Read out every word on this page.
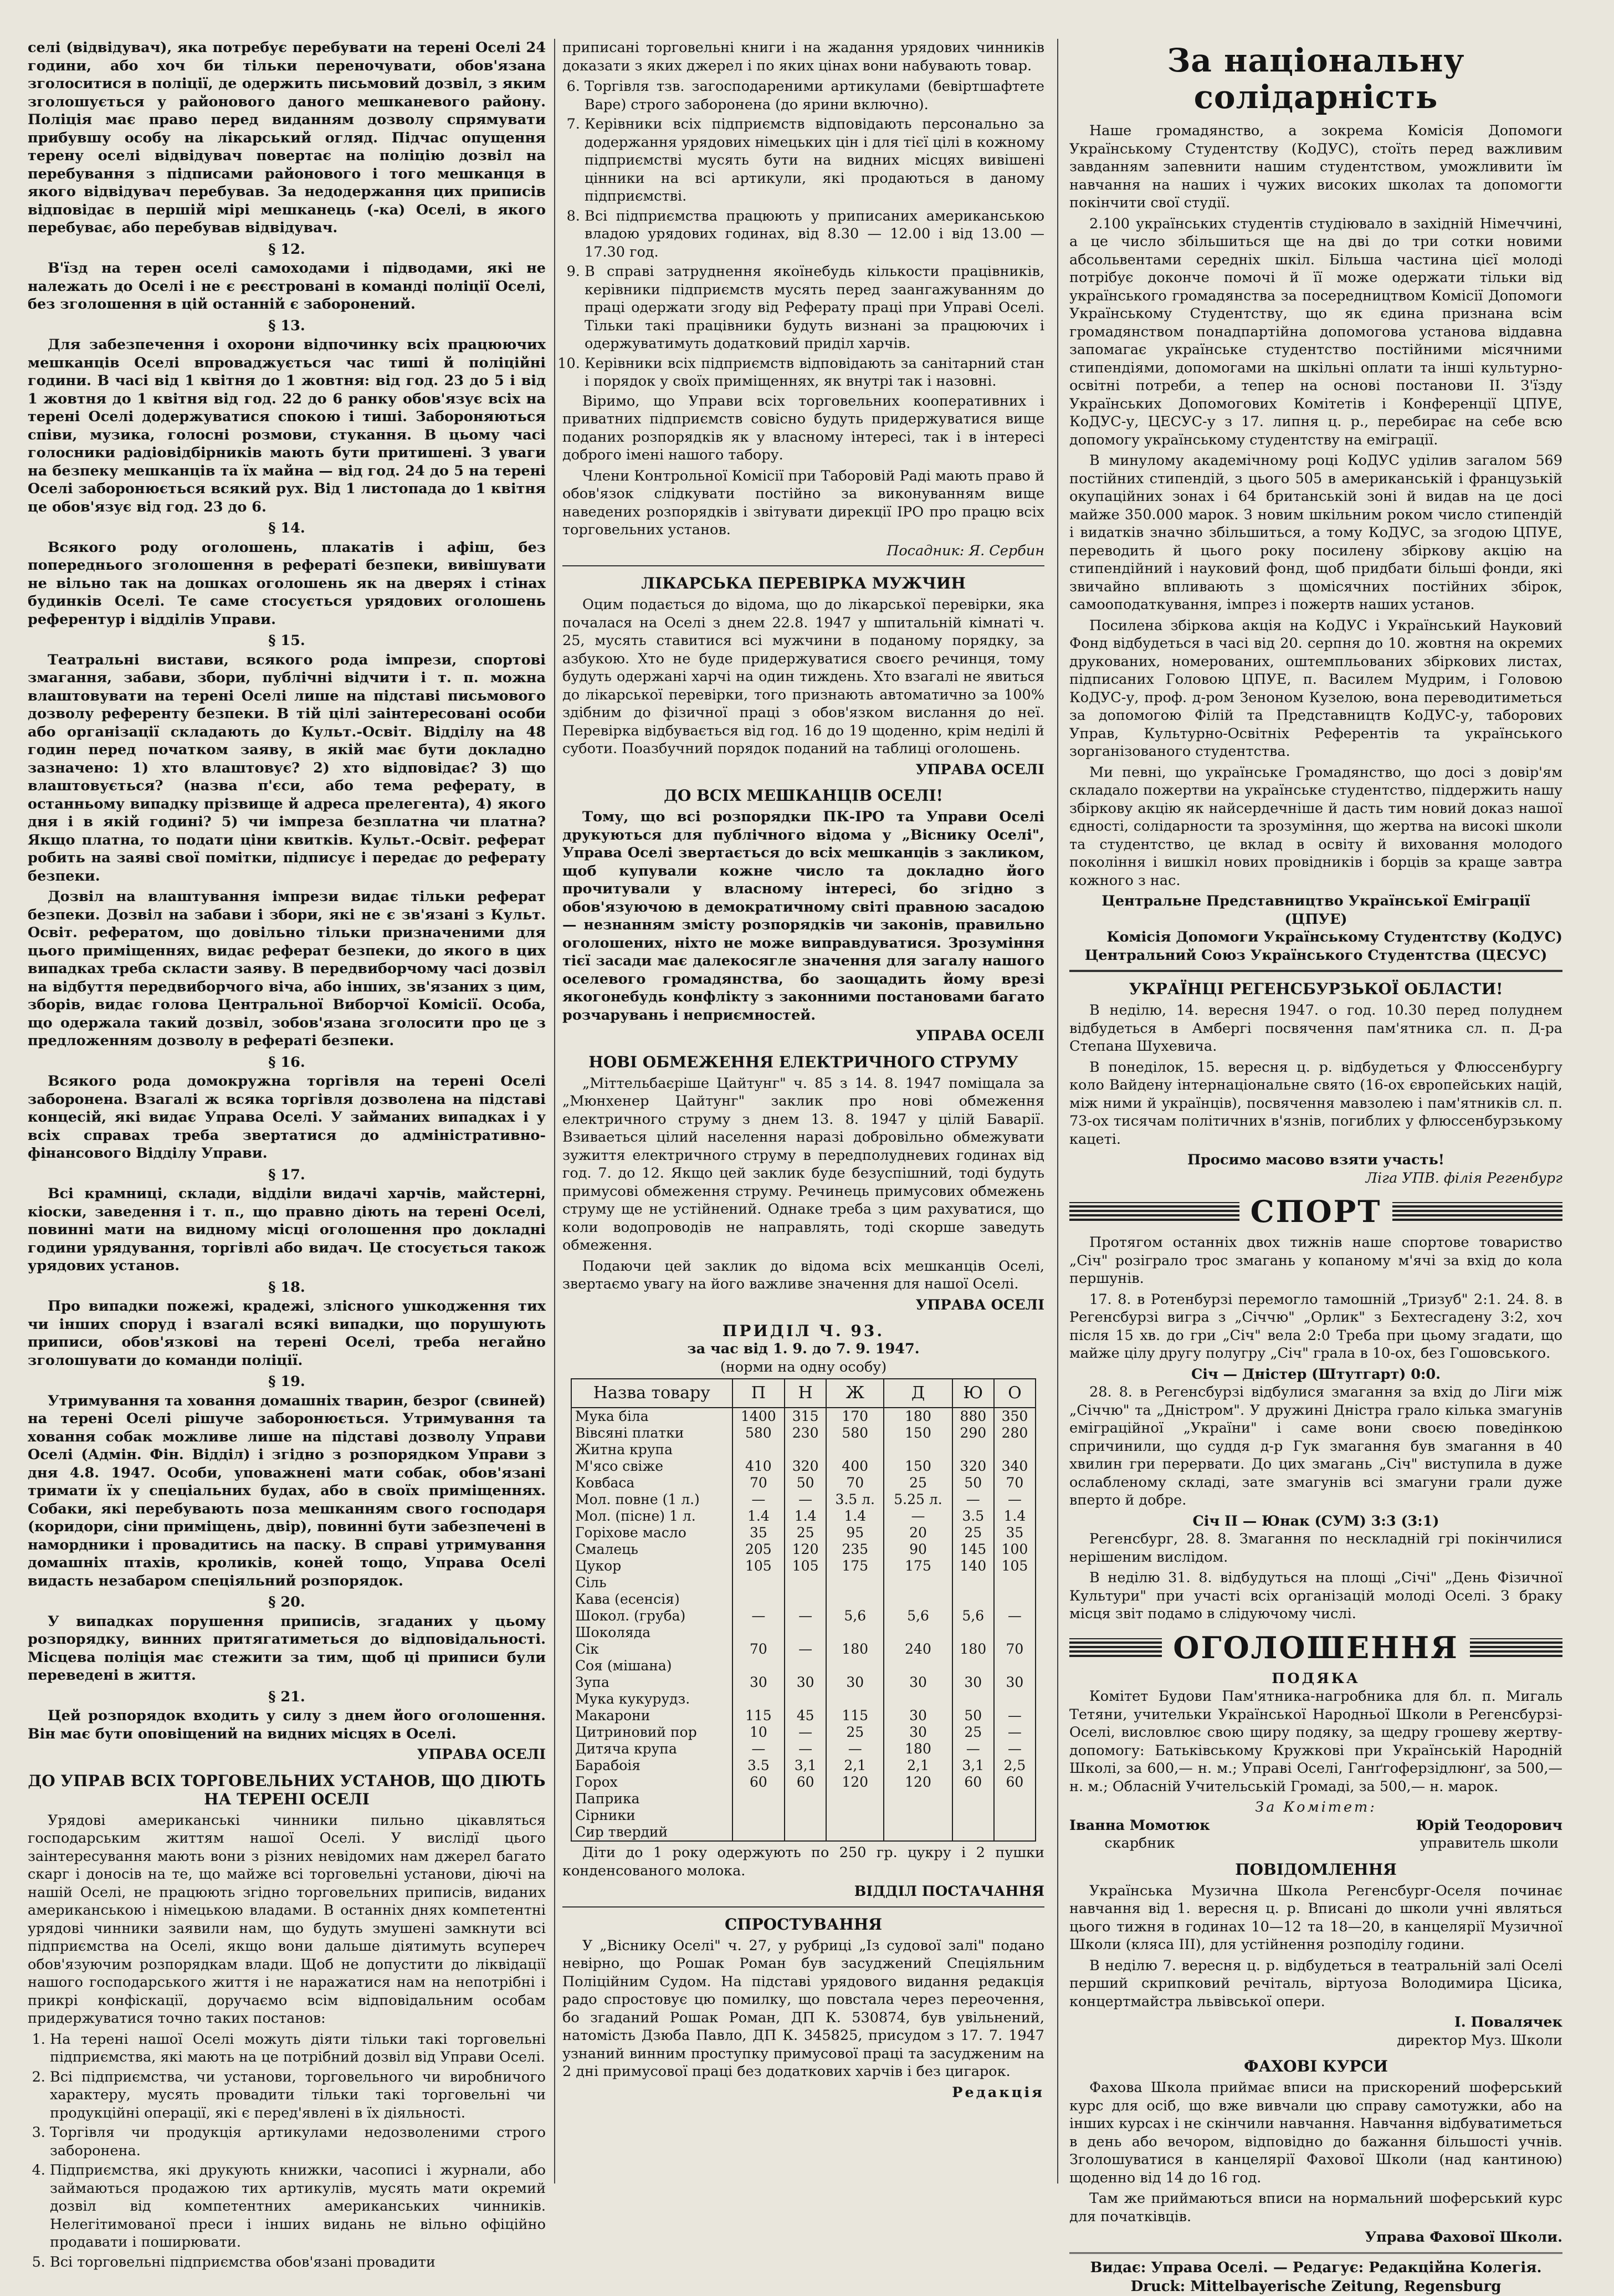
селі (відвідувач), яка потребує перебувати на терені Оселі 24 години, або хоч би тільки переночувати, обов'язана зголоситися в поліції, де одержить письмовий дозвіл, з яким зголошується у районового даного мешканевого району. Поліція має право перед виданням дозволу спрямувати прибувшу особу на лікарський огляд. Підчас опущення терену оселі відвідувач повертає на поліцію дозвіл на перебування з підписами районового і того мешканця в якого відвідувач перебував. За недодержання цих приписів відповідає в першій мірі мешканець (-ка) Оселі, в якого перебуває, або перебував відвідувач.

§ 12.

В'їзд на терен оселі самоходами і підводами, які не належать до Оселі і не є реєстровані в команді поліції Оселі, без зголошення в цій останній є заборонений.

§ 13.

Для забезпечення і охорони відпочинку всіх працюючих мешканців Оселі впроваджується час тиші й поліційні години. В часі від 1 квітня до 1 жовтня: від год. 23 до 5 і від 1 жовтня до 1 квітня від год. 22 до 6 ранку обов'язує всіх на терені Оселі додержуватися спокою і тиші. Забороняються співи, музика, голосні розмови, стукання. В цьому часі голосники радіовідбірників мають бути притишені. З уваги на безпеку мешканців та їх майна — від год. 24 до 5 на терені Оселі заборонюється всякий рух. Від 1 листопада до 1 квітня це обов'язує від год. 23 до 6.

§ 14.

Всякого роду оголошень, плакатів і афіш, без попереднього зголошення в рефераті безпеки, вивішувати не вільно так на дошках оголошень як на дверях і стінах будинків Оселі. Те саме стосується урядових оголошень референтур і відділів Управи.

§ 15.

Театральні вистави, всякого рода імпрези, спортові змагання, забави, збори, публічні відчити і т. п. можна влаштовувати на терені Оселі лише на підставі письмового дозволу референту безпеки. В тій цілі заінтересовані особи або організації складають до Культ.-Освіт. Відділу на 48 годин перед початком заяву, в якій має бути докладно зазначено: 1) хто влаштовує? 2) хто відповідає? 3) що влаштовується? (назва п'єси, або тема реферату, в останньому випадку прізвище й адреса прелегента), 4) якого дня і в якій годині? 5) чи імпреза безплатна чи платна? Якщо платна, то подати ціни квитків. Культ.-Освіт. реферат робить на заяві свої помітки, підписує і передає до реферату безпеки.

Дозвіл на влаштування імпрези видає тільки реферат безпеки. Дозвіл на забави і збори, які не є зв'язані з Культ. Освіт. рефератом, що довільно тільки призначеними для цього приміщеннях, видає реферат безпеки, до якого в цих випадках треба скласти заяву. В передвиборчому часі дозвіл на відбуття передвиборчого віча, або інших, зв'язаних з цим, зборів, видає голова Центральної Виборчої Комісії. Особа, що одержала такий дозвіл, зобов'язана зголосити про це з предложенням дозволу в рефераті безпеки.

§ 16.

Всякого рода домокружна торгівля на терені Оселі заборонена. Взагалі ж всяка торгівля дозволена на підставі концесій, які видає Управа Оселі. У займаних випадках і у всіх справах треба звертатися до адміністративно-фінансового Відділу Управи.

§ 17.

Всі крамниці, склади, відділи видачі харчів, майстерні, кіоски, заведення і т. п., що правно діють на терені Оселі, повинні мати на видному місці оголошення про докладні години урядування, торгівлі або видач. Це стосується також урядових установ.

§ 18.

Про випадки пожежі, крадежі, злісного ушкодження тих чи інших споруд і взагалі всякі випадки, що порушують приписи, обов'язкові на терені Оселі, треба негайно зголошувати до команди поліції.

§ 19.

Утримування та ховання домашніх тварин, безрог (свиней) на терені Оселі рішуче заборонюється. Утримування та ховання собак можливе лише на підставі дозволу Управи Оселі (Адмін. Фін. Відділ) і згідно з розпорядком Управи з дня 4.8. 1947. Особи, уповажнені мати собак, обов'язані тримати їх у спеціальних будах, або в своїх приміщеннях. Собаки, які перебувають поза мешканням свого господаря (коридори, сіни приміщень, двір), повинні бути забезпечені в намордники і провадитись на паску. В справі утримування домашніх птахів, кроликів, коней тощо, Управа Оселі видасть незабаром спеціяльний розпорядок.

§ 20.

У випадках порушення приписів, згаданих у цьому розпорядку, винних притягатиметься до відповідальності. Місцева поліція має стежити за тим, щоб ці приписи були переведені в життя.

§ 21.

Цей розпорядок входить у силу з днем його оголошення. Він має бути оповіщений на видних місцях в Оселі.

УПРАВА ОСЕЛІ
ДО УПРАВ ВСІХ ТОРГОВЕЛЬНИХ УСТАНОВ, ЩО ДІЮТЬ НА ТЕРЕНІ ОСЕЛІ

Урядові американські чинники пильно цікавляться господарським життям нашої Оселі. У вислідї цього заінтересування мають вони з різних невідомих нам джерел багато скарг і доносів на те, що майже всі торговельні установи, діючі на нашій Оселі, не працюють згідно торговельних приписів, виданих американською і німецькою владами. В останніх днях компетентні урядові чинники заявили нам, що будуть змушені замкнути всі підприємства на Оселі, якщо вони дальше діятимуть всупереч обов'язуючим розпорядкам влади. Щоб не допустити до ліквідації нашого господарського життя і не наражатися нам на непотрібні і прикрі конфіскації, доручаємо всім відповідальним особам придержуватися точно таких постанов:

1. На терені нашої Оселі можуть діяти тільки такі торговельні підприємства, які мають на це потрібний дозвіл від Управи Оселі.
2. Всі підприємства, чи установи, торговельного чи виробничого характеру, мусять провадити тільки такі торговельні чи продукційні операції, які є перед'явлені в їх діяльності.
3. Торгівля чи продукція артикулами недозволеними строго заборонена.
4. Підприємства, які друкують книжки, часописі і журнали, або займаються продажою тих артикулів, мусять мати окремий дозвіл від компетентних американських чинників. Нелегітимованої преси і інших видань не вільно офіційно продавати і поширювати.
5. Всі торговельні підприємства обов'язані провадити

приписані торговельні книги і на жадання урядових чинників доказати з яких джерел і по яких цінах вони набувають товар.

6. Торгівля тзв. загосподареними артикулами (бевіртшафтете Варе) строго заборонена (до ярини включно).
7. Керівники всіх підприємств відповідають персонально за додержання урядових німецьких цін і для тієї цілі в кожному підприємстві мусять бути на видних місцях вивішені цінники на всі артикули, які продаються в даному підприємстві.
8. Всі підприємства працюють у приписаних американською владою урядових годинах, від 8.30 — 12.00 і від 13.00 — 17.30 год.
9. В справі затруднення якоїнебудь кількости працівників, керівники підприємств мусять перед заангажуванням до праці одержати згоду від Реферату праці при Управі Оселі. Тільки такі працівники будуть визнані за працюючих і одержуватимуть додатковий приділ харчів.
10. Керівники всіх підприємств відповідають за санітарний стан і порядок у своїх приміщеннях, як внутрі так і назовні.

Віримо, що Управи всіх торговельних кооперативних і приватних підприємств совісно будуть придержуватися вище поданих розпорядків як у власному інтересі, так і в інтересі доброго імені нашого табору.

Члени Контрольної Комісії при Таборовій Раді мають право й обов'язок слідкувати постійно за виконуванням вище наведених розпорядків і звітувати дирекції ІРО про працю всіх торговельних установ.

Посадник: Я. Сербин
ЛІКАРСЬКА ПЕРЕВІРКА МУЖЧИН

Оцим подається до відома, що до лікарської перевірки, яка почалася на Оселі з днем 22.8. 1947 у шпитальній кімнаті ч. 25, мусять ставитися всі мужчини в поданому порядку, за азбукою. Хто не буде придержуватися своєго речинця, тому будуть одержані харчі на один тиждень. Хто взагалі не явиться до лікарської перевірки, того признають автоматично за 100% здібним до фізичної праці з обов'язком вислання до неї. Перевірка відбувається від год. 16 до 19 щоденно, крім неділі й суботи. Поазбучний порядок поданий на таблиці оголошень.

УПРАВА ОСЕЛІ
ДО ВСІХ МЕШКАНЦІВ ОСЕЛІ!

Тому, що всі розпорядки ПК-ІРО та Управи Оселі друкуються для публічного відома у „Віснику Оселі", Управа Оселі звертається до всіх мешканців з закликом, щоб купували кожне число та докладно його прочитували у власному інтересі, бо згідно з обов'язуючою в демократичному світі правною засадою — незнанням змісту розпорядків чи законів, правильно оголошених, ніхто не може виправдуватися. Зрозуміння тієї засади має далекосягле значення для загалу нашого оселевого громадянства, бо заощадить йому врезі якогонебудь конфлікту з законними постановами багато розчарувань і неприємностей.

УПРАВА ОСЕЛІ
НОВІ ОБМЕЖЕННЯ ЕЛЕКТРИЧНОГО СТРУМУ

„Міттельбаєріше Цайтунг" ч. 85 з 14. 8. 1947 поміщала за „Мюнхенер Цайтунг" заклик про нові обмеження електричного струму з днем 13. 8. 1947 у цілій Баварії. Взиваеться цілий населення наразі добровільно обмежувати зужиття електричного струму в передполудневих годинах від год. 7. до 12. Якщо цей заклик буде безуспішний, тоді будуть примусові обмеження струму. Речинець примусових обмежень струму ще не устійнений. Однаке треба з цим рахуватися, що коли водопроводів не направлять, тоді скорше заведуть обмеження.

Подаючи цей заклик до відома всіх мешканців Оселі, звертаємо увагу на його важливе значення для нашої Оселі.

УПРАВА ОСЕЛІ
ПРИДІЛ Ч. 93.
за час від 1. 9. до 7. 9. 1947.
(норми на одну особу)
Назва товару	П	Н	Ж	Д	Ю	О
Мука біла	1400	315	170	180	880	350
Вівсяні платки	580	230	580	150	290	280
Житна крупа						
М'ясо свіже	410	320	400	150	320	340
Ковбаса	70	50	70	25	50	70
Мол. повне (1 л.)	—	—	3.5 л.	5.25 л.	—	—
Мол. (пісне) 1 л.	1.4	1.4	1.4	—	3.5	1.4
Горіхове масло	35	25	95	20	25	35
Смалець	205	120	235	90	145	100
Цукор	105	105	175	175	140	105
Сіль						
Кава (есенсія)						
Шокол. (груба)	—	—	5,6	5,6	5,6	—
Шоколяда						
Сік	70	—	180	240	180	70
Соя (мішана)						
Зупа	30	30	30	30	30	30
Мука кукурудз.						
Макарони	115	45	115	30	50	—
Цитриновий пор	10	—	25	30	25	—
Дитяча крупа	—	—	—	180	—	—
Барабоія	3.5	3,1	2,1	2,1	3,1	2,5
Горох	60	60	120	120	60	60
Паприка						
Сірники						
Сир твердий						

Діти до 1 року одержують по 250 гр. цукру і 2 пушки конденсованого молока.

ВІДДІЛ ПОСТАЧАННЯ
СПРОСТУВАННЯ

У „Віснику Оселі" ч. 27, у рубриці „Із судової залі" подано невірно, що Рошак Роман був засуджений Спеціяльним Поліційним Судом. На підставі урядового видання редакція радо спростовує цю помилку, що повстала через переочення, бо згаданий Рошак Роман, ДП К. 530874, був увільнений, натомість Дзюба Павло, ДП К. 345825, присудом з 17. 7. 1947 узнаний винним проступку примусової праці та засудженим на 2 дні примусової праці без додаткових харчів і без цигарок.

Редакція
За національну солідарність

Наше громадянство, а зокрема Комісія Допомоги Українському Студентству (КоДУС), стоїть перед важливим завданням запевнити нашим студентством, уможливити їм навчання на наших і чужих високих школах та допомогти покінчити свої студії.

2.100 українських студентів студіювало в західній Німеччині, а це число збільшиться ще на дві до три сотки новими абсольвентами середніх шкіл. Більша частина цієї молоді потрібує доконче помочі й її може одержати тільки від українського громадянства за посередництвом Комісії Допомоги Українському Студентству, що як єдина признана всім громадянством понадпартійна допомогова установа віддавна запомагає українське студентство постійними місячними стипендіями, допомогами на шкільні оплати та інші культурно-освітні потреби, а тепер на основі постанови II. З'їзду Українських Допомогових Комітетів і Конференції ЦПУЕ, КоДУС-у, ЦЕСУС-у з 17. липня ц. р., перебирає на себе всю допомогу українському студентству на еміграції.

В минулому академічному році КоДУС уділив загалом 569 постійних стипендій, з цього 505 в американській і французькій окупаційних зонах і 64 британській зоні й видав на це досі майже 350.000 марок. З новим шкільним роком число стипендій і видатків значно збільшиться, а тому КоДУС, за згодою ЦПУЕ, переводить й цього року посилену збіркову акцію на стипендійний і науковий фонд, щоб придбати більші фонди, які звичайно впливають з щомісячних постійних збірок, самооподаткування, імпрез і пожертв наших установ.

Посилена збіркова акція на КоДУС і Український Науковий Фонд відбудеться в часі від 20. серпня до 10. жовтня на окремих друкованих, номерованих, оштемпльованих збіркових листах, підписаних Головою ЦПУЕ, п. Василем Мудрим, і Головою КоДУС-у, проф. д-ром Зеноном Кузелою, вона переводитиметься за допомогою Філій та Представництв КоДУС-у, таборових Управ, Культурно-Освітніх Референтів та українського зорганізованого студентства.

Ми певні, що українське Громадянство, що досі з довір'ям складало пожертви на українське студентство, піддержить нашу збіркову акцію як найсердечніше й дасть тим новий доказ нашої єдності, солідарности та зрозуміння, що жертва на високі школи та студентство, це вклад в освіту й виховання молодого покоління і вишкіл нових провідників і борців за краще завтра кожного з нас.

Центральне Представництво Української Еміграції (ЦПУЕ)
Комісія Допомоги Українському Студентству (КоДУС)
Центральний Союз Українського Студентства (ЦЕСУС)
УКРАЇНЦІ РЕГЕНСБУРЗЬКОЇ ОБЛАСТИ!

В неділю, 14. вересня 1947. о год. 10.30 перед полуднем відбудеться в Амбергі посвячення пам'ятника сл. п. Д-ра Степана Шухевича.

В понеділок, 15. вересня ц. р. відбудеться у Флюссенбургу коло Вайдену інтернаціональне свято (16-ох європейських націй, між ними й українців), посвячення мавзолею і пам'ятників сл. п. 73-ох тисячам політичних в'язнів, погиблих у флюссенбурзькому кацеті.

Просимо масово взяти участь!
Ліга УПВ. філія Регенбург
СПОРТ

Протягом останніх двох тижнів наше спортове товариство „Січ" розіграло трос змагань у копаному м'ячі за вхід до кола першунів.

17. 8. в Ротенбурзі перемогло тамошній „Тризуб" 2:1. 24. 8. в Регенсбурзі вигра з „Січчю" „Орлик" з Бехтесгадену 3:2, хоч після 15 хв. до гри „Січ" вела 2:0 Треба при цьому згадати, що майже цілу другу полугру „Січ" грала в 10-ох, без Гошовського.

Січ — Дністер (Штутгарт) 0:0.

28. 8. в Регенсбурзі відбулися змагання за вхід до Ліги між „Січчю" та „Дністром". У дружині Дністра грало кілька змагунів еміграційної „України" і саме вони своєю поведінкою спричинили, що суддя д-р Гук змагання був змагання в 40 хвилин гри перервати. До цих змагань „Січ" виступила в дуже ослабленому складі, зате змагунів всі змагуни грали дуже вперто й добре.

Січ II — Юнак (СУМ) 3:3 (3:1)

Регенсбург, 28. 8. Змагання по нескладній грі покінчилися нерішеним вислідом.

В неділю 31. 8. відбудуться на площі „Січі" „День Фізичної Культури" при участі всіх організацій молоді Оселі. З браку місця звіт подамо в слідуючому числі.

ОГОЛОШЕННЯ
ПОДЯКА

Комітет Будови Пам'ятника-нагробника для бл. п. Мигаль Тетяни, учительки Української Народньої Школи в Регенсбурзі-Оселі, висловлює свою щиру подяку, за щедру грошеву жертву-допомогу: Батьківському Кружкові при Українській Народній Школі, за 600,— н. м.; Управі Оселі, Ганґгоферзідлюнґ, за 500,— н. м.; Обласній Учительській Громаді, за 500,— н. марок.

За Комітет:
Іванна Момотюк
скарбник
Юрій Теодорович
управитель школи
ПОВІДОМЛЕННЯ

Українська Музична Школа Регенсбург-Оселя починає навчання від 1. вересня ц. р. Вписані до школи учні являться цього тижня в годинах 10—12 та 18—20, в канцелярії Музичної Школи (кляса III), для устійнення розподілу години.

В неділю 7. вересня ц. р. відбудеться в театральній залі Оселі перший скрипковий речіталь, віртуоза Володимира Цісика, концертмайстра львівської опери.

І. Повалячек
директор Муз. Школи
ФАХОВІ КУРСИ

Фахова Школа приймає вписи на прискорений шоферський курс для осіб, що вже вивчали цю справу самотужки, або на інших курсах і не скінчили навчання. Навчання відбуватиметься в день або вечором, відповідно до бажання більшості учнів. Зголошуватися в канцелярії Фахової Школи (над кантиною) щоденно від 14 до 16 год.

Там же приймаються вписи на нормальний шоферський курс для початківців.

Управа Фахової Школи.
Видає: Управа Оселі. — Редагує: Редакційна Колегія.
Druck: Mittelbayerische Zeitung, Regensburg
